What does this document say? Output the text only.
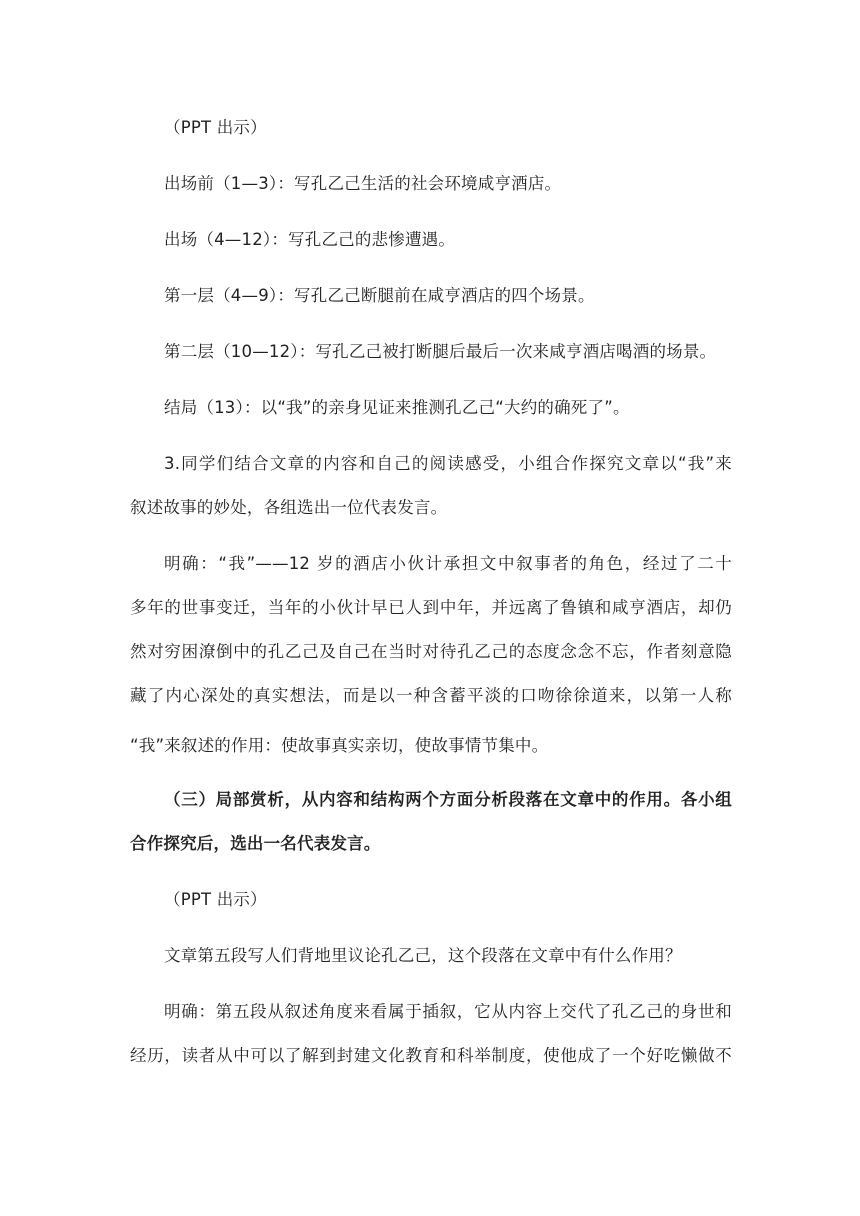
（PPT 出示）
出场前（1—3）：写孔乙己生活的社会环境咸亨酒店。
出场（4—12）：写孔乙己的悲惨遭遇。
第一层（4—9）：写孔乙己断腿前在咸亨酒店的四个场景。
第二层（10—12）：写孔乙己被打断腿后最后一次来咸亨酒店喝酒的场景。
结局（13）：以“我”的亲身见证来推测孔乙己“大约的确死了”。
3.同学们结合文章的内容和自己的阅读感受，小组合作探究文章以“我”来
叙述故事的妙处，各组选出一位代表发言。
明确：“我”——12 岁的酒店小伙计承担文中叙事者的角色，经过了二十
多年的世事变迁，当年的小伙计早已人到中年，并远离了鲁镇和咸亨酒店，却仍
然对穷困潦倒中的孔乙己及自己在当时对待孔乙己的态度念念不忘，作者刻意隐
藏了内心深处的真实想法，而是以一种含蓄平淡的口吻徐徐道来，以第一人称
“我”来叙述的作用：使故事真实亲切，使故事情节集中。
（三）局部赏析，从内容和结构两个方面分析段落在文章中的作用。各小组
合作探究后，选出一名代表发言。
（PPT 出示）
文章第五段写人们背地里议论孔乙己，这个段落在文章中有什么作用？
明确：第五段从叙述角度来看属于插叙，它从内容上交代了孔乙己的身世和
经历，读者从中可以了解到封建文化教育和科举制度，使他成了一个好吃懒做不
